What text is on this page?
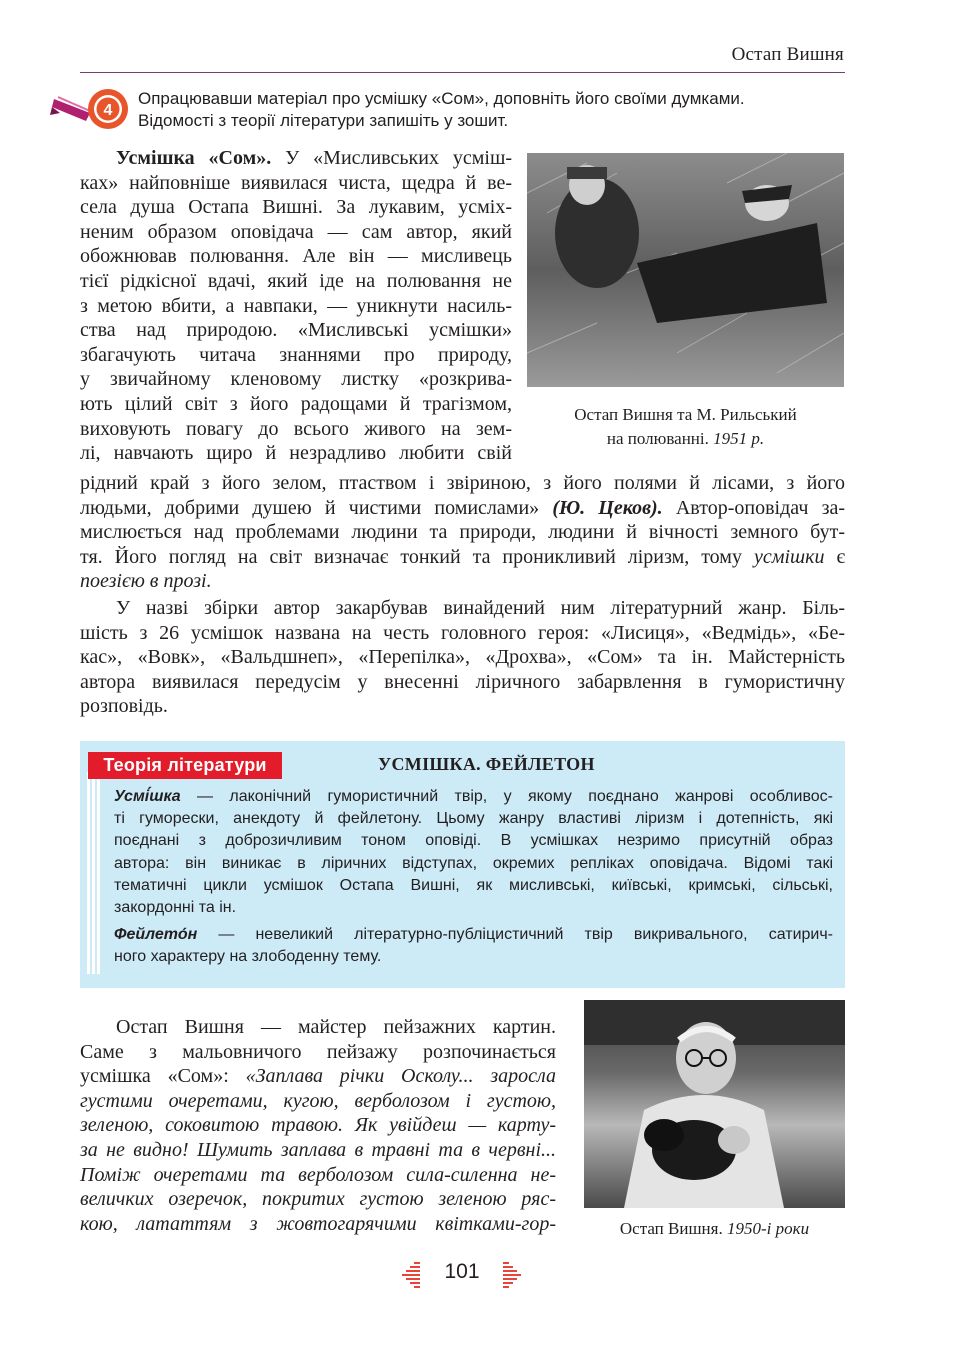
Остап Вишня
4
Опрацювавши матеріал про усмішку «Сом», доповніть його своїми думками.
Відомості з теорії літератури запишіть у зошит.
Остап Вишня та М. Рильський
на полюванні. 1951 р.
Усмішка «Сом». У «Мисливських усміш-
ках» найповніше виявилася чиста, щедра й ве-
села душа Остапа Вишні. За лукавим, усміх-
неним образом оповідача — сам автор, який
обожнював полювання. Але він — мисливець
тієї рідкісної вдачі, який іде на полювання не
з метою вбити, а навпаки, — уникнути насиль-
ства над природою. «Мисливські усмішки»
збагачують читача знаннями про природу,
у звичайному кленовому листку «розкрива-
ють цілий світ з його радощами й трагізмом,
виховують повагу до всього живого на зем-
лі, навчають щиро й незрадливо любити свій
рідний край з його зелом, птаством і звіриною, з його полями й лісами, з його
людьми, добрими душею й чистими помислами» (Ю. Цеков). Автор-оповідач за-
мислюється над проблемами людини та природи, людини й вічності земного бут-
тя. Його погляд на світ визначає тонкий та проникливий ліризм, тому усмішки є
поезією в прозі.
У назві збірки автор закарбував винайдений ним літературний жанр. Біль-
шість з 26 усмішок названа на честь головного героя: «Лисиця», «Ведмідь», «Бе-
кас», «Вовк», «Вальдшнеп», «Перепілка», «Дрохва», «Сом» та ін. Майстерність
автора виявилася передусім у внесенні ліричного забарвлення в гумористичну
розповідь.
Теорія літератури	УСМІШКА. ФЕЙЛЕТОН
Усмі́шка — лаконічний гумористичний твір, у якому поєднано жанрові особливос-
ті гуморески, анекдоту й фейлетону. Цьому жанру властиві ліризм і дотепність, які
поєднані з доброзичливим тоном оповіді. В усмішках незримо присутній образ
автора: він виникає в ліричних відступах, окремих репліках оповідача. Відомі такі
тематичні цикли усмішок Остапа Вишні, як мисливські, київські, кримські, сільські,
закордонні та ін.
Фейлето́н — невеликий літературно-публіцистичний твір викривального, сатирич-
ного характеру на злободенну тему.
Остап Вишня — майстер пейзажних картин.
Саме з мальовничого пейзажу розпочинається
усмішка «Сом»: «Заплава річки Осколу... заросла
густими очеретами, кугою, верболозом і густою,
зеленою, соковитою травою. Як увійдеш — карту-
за не видно! Шумить заплава в травні та в червні...
Поміж очеретами та верболозом сила-силенна не-
величких озеречок, покритих густою зеленою ряс-
кою, лататтям з жовтогарячими квітками-гор-	Остап Вишня. 1950-і роки
101
